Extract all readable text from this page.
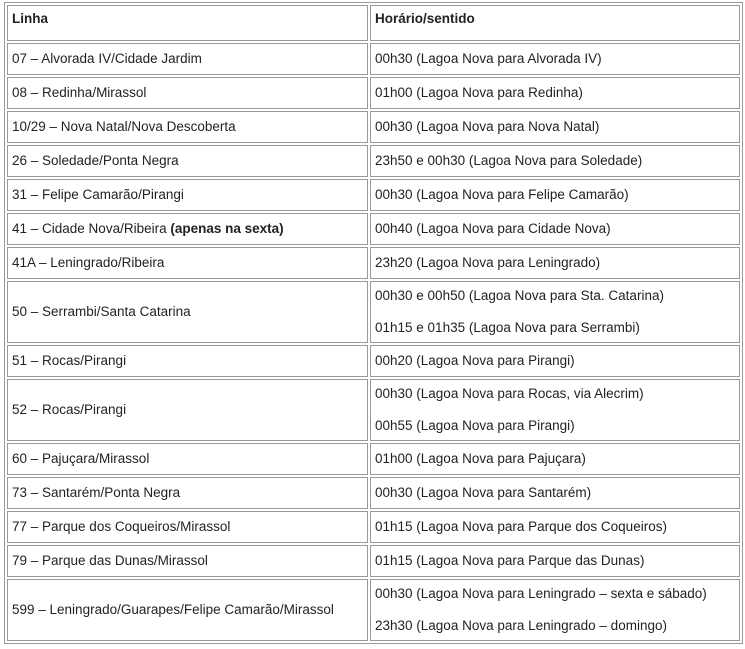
Linha	Horário/sentido
07 – Alvorada IV/Cidade Jardim	00h30 (Lagoa Nova para Alvorada IV)

08 – Redinha/Mirassol	01h00 (Lagoa Nova para Redinha)

10/29 – Nova Natal/Nova Descoberta	00h30 (Lagoa Nova para Nova Natal)

26 – Soledade/Ponta Negra	23h50 e 00h30 (Lagoa Nova para Soledade)

31 – Felipe Camarão/Pirangi	00h30 (Lagoa Nova para Felipe Camarão)

41 – Cidade Nova/Ribeira (apenas na sexta)	00h40 (Lagoa Nova para Cidade Nova)

41A – Leningrado/Ribeira	23h20 (Lagoa Nova para Leningrado)

50 – Serrambi/Santa Catarina	00h30 e 00h50 (Lagoa Nova para Sta. Catarina)

01h15 e 01h35 (Lagoa Nova para Serrambi)

51 – Rocas/Pirangi	00h20 (Lagoa Nova para Pirangi)

52 – Rocas/Pirangi	00h30 (Lagoa Nova para Rocas, via Alecrim)

00h55 (Lagoa Nova para Pirangi)

60 – Pajuçara/Mirassol	01h00 (Lagoa Nova para Pajuçara)

73 – Santarém/Ponta Negra	00h30 (Lagoa Nova para Santarém)

77 – Parque dos Coqueiros/Mirassol	01h15 (Lagoa Nova para Parque dos Coqueiros)

79 – Parque das Dunas/Mirassol	01h15 (Lagoa Nova para Parque das Dunas)

599 – Leningrado/Guarapes/Felipe Camarão/Mirassol	00h30 (Lagoa Nova para Leningrado – sexta e sábado)

23h30 (Lagoa Nova para Leningrado – domingo)
